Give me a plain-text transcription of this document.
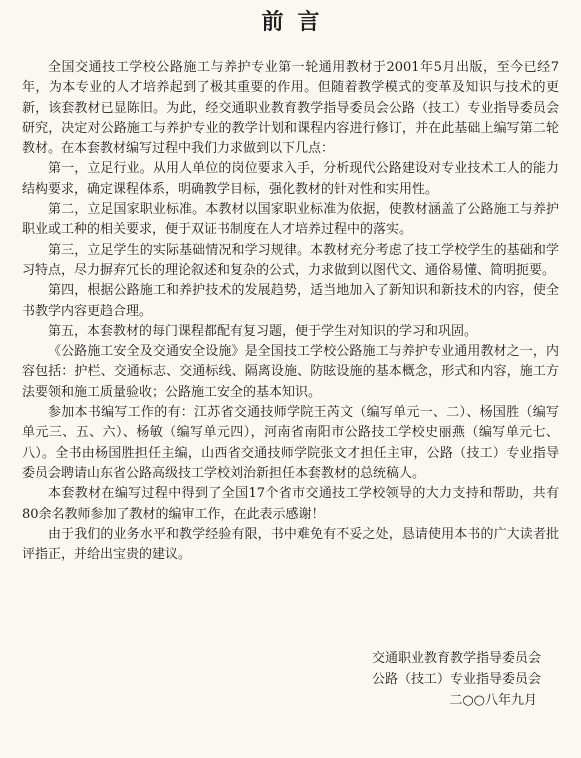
前言

全国交通技工学校公路施工与养护专业第一轮通用教材于2001年5月出版，至今已经7年，为本专业的人才培养起到了极其重要的作用。但随着教学模式的变革及知识与技术的更新，该套教材已显陈旧。为此，经交通职业教育教学指导委员会公路（技工）专业指导委员会研究，决定对公路施工与养护专业的教学计划和课程内容进行修订，并在此基础上编写第二轮教材。在本套教材编写过程中我们力求做到以下几点：

第一，立足行业。从用人单位的岗位要求入手，分析现代公路建设对专业技术工人的能力结构要求，确定课程体系，明确教学目标，强化教材的针对性和实用性。

第二，立足国家职业标准。本教材以国家职业标准为依据，使教材涵盖了公路施工与养护职业或工种的相关要求，便于双证书制度在人才培养过程中的落实。

第三，立足学生的实际基础情况和学习规律。本教材充分考虑了技工学校学生的基础和学习特点，尽力摒弃冗长的理论叙述和复杂的公式，力求做到以图代文、通俗易懂、简明扼要。

第四，根据公路施工和养护技术的发展趋势，适当地加入了新知识和新技术的内容，使全书教学内容更趋合理。

第五，本套教材的每门课程都配有复习题，便于学生对知识的学习和巩固。

《公路施工安全及交通安全设施》是全国技工学校公路施工与养护专业通用教材之一，内容包括：护栏、交通标志、交通标线、隔离设施、防眩设施的基本概念，形式和内容，施工方法要领和施工质量验收；公路施工安全的基本知识。

参加本书编写工作的有：江苏省交通技师学院王芮文（编写单元一、二）、杨国胜（编写单元三、五、六）、杨敏（编写单元四），河南省南阳市公路技工学校史丽燕（编写单元七、八）。全书由杨国胜担任主编，山西省交通技师学院张文才担任主审，公路（技工）专业指导委员会聘请山东省公路高级技工学校刘治新担任本套教材的总统稿人。

本套教材在编写过程中得到了全国17个省市交通技工学校领导的大力支持和帮助，共有80余名教师参加了教材的编审工作，在此表示感谢！

由于我们的业务水平和教学经验有限，书中难免有不妥之处，恳请使用本书的广大读者批评指正，并给出宝贵的建议。

交通职业教育教学指导委员会
公路（技工）专业指导委员会
二○○八年九月
